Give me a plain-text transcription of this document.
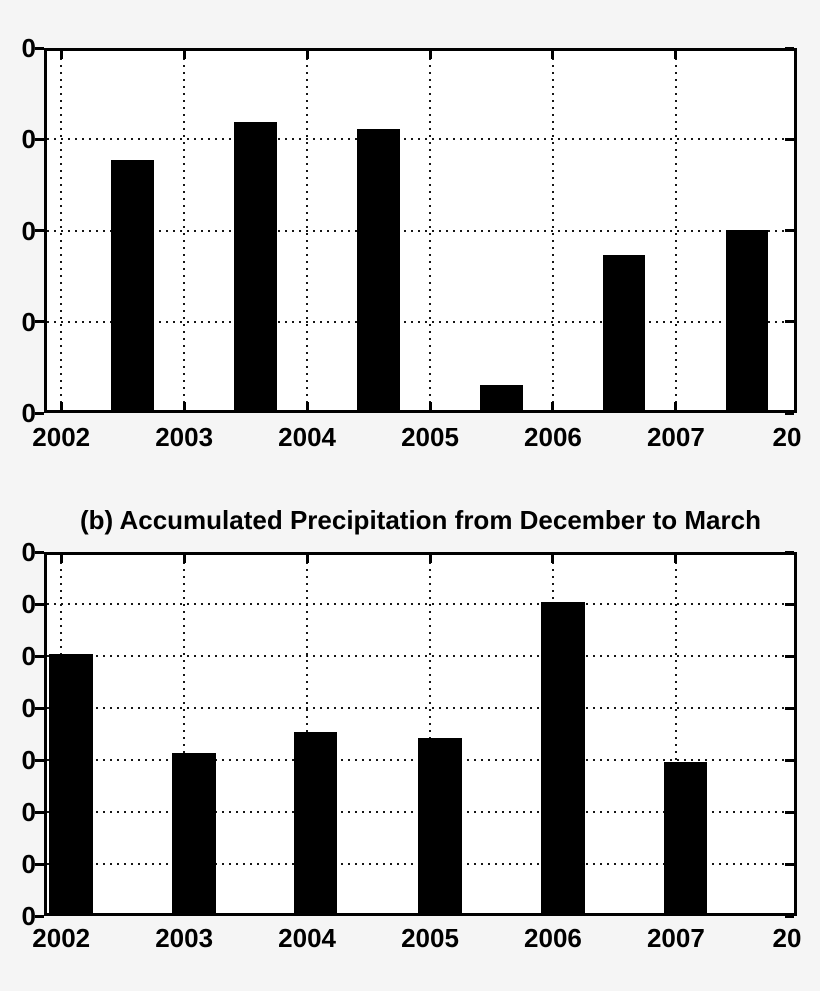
(b) Accumulated Precipitation from December to March
2002	2003	2004	2005	2006	2007	20
0
0
0
0
0
2002	2003	2004	2005	2006	2007	20
0
0
0
0
0
0
0
0
